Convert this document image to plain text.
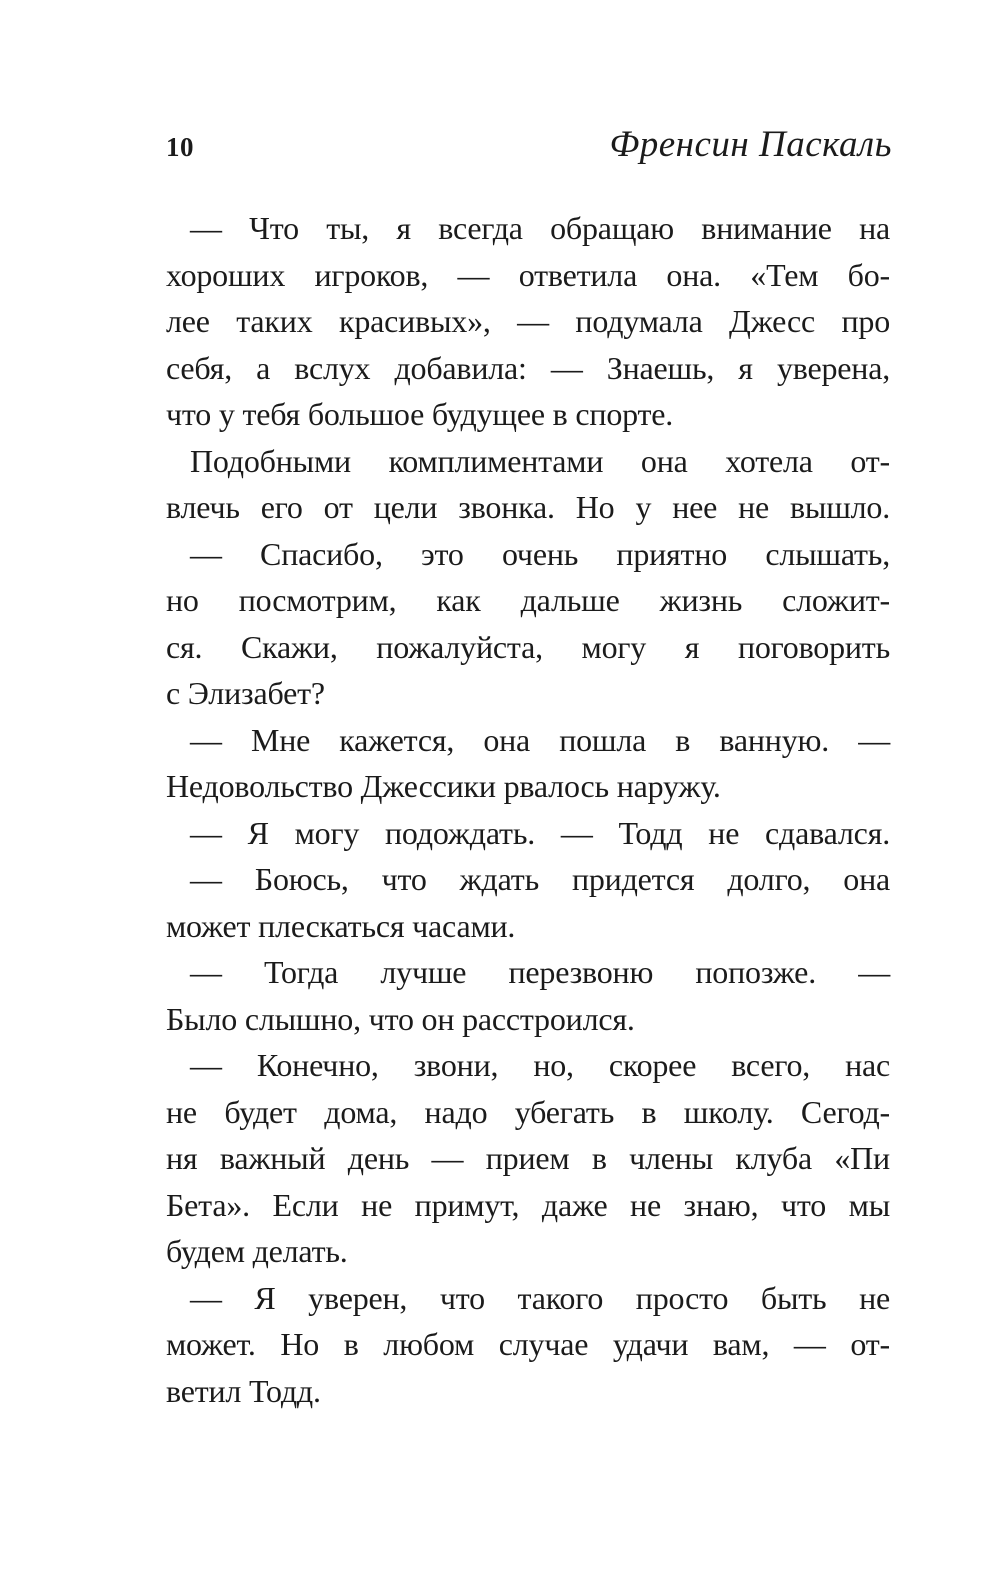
10	Френсин Паскаль
— Что ты, я всегда обращаю внимание на
хороших игроков, — ответила она. «Тем бо-
лее таких красивых», — подумала Джесс про
себя, а вслух добавила: — Знаешь, я уверена,
что у тебя большое будущее в спорте.
Подобными комплиментами она хотела от-
влечь его от цели звонка. Но у нее не вышло.
— Спасибо, это очень приятно слышать,
но посмотрим, как дальше жизнь сложит-
ся. Скажи, пожалуйста, могу я поговорить
с Элизабет?
— Мне кажется, она пошла в ванную. —
Недовольство Джессики рвалось наружу.
— Я могу подождать. — Тодд не сдавался.
— Боюсь, что ждать придется долго, она
может плескаться часами.
— Тогда лучше перезвоню попозже. —
Было слышно, что он расстроился.
— Конечно, звони, но, скорее всего, нас
не будет дома, надо убегать в школу. Сегод-
ня важный день — прием в члены клуба «Пи
Бета». Если не примут, даже не знаю, что мы
будем делать.
— Я уверен, что такого просто быть не
может. Но в любом случае удачи вам, — от-
ветил Тодд.
